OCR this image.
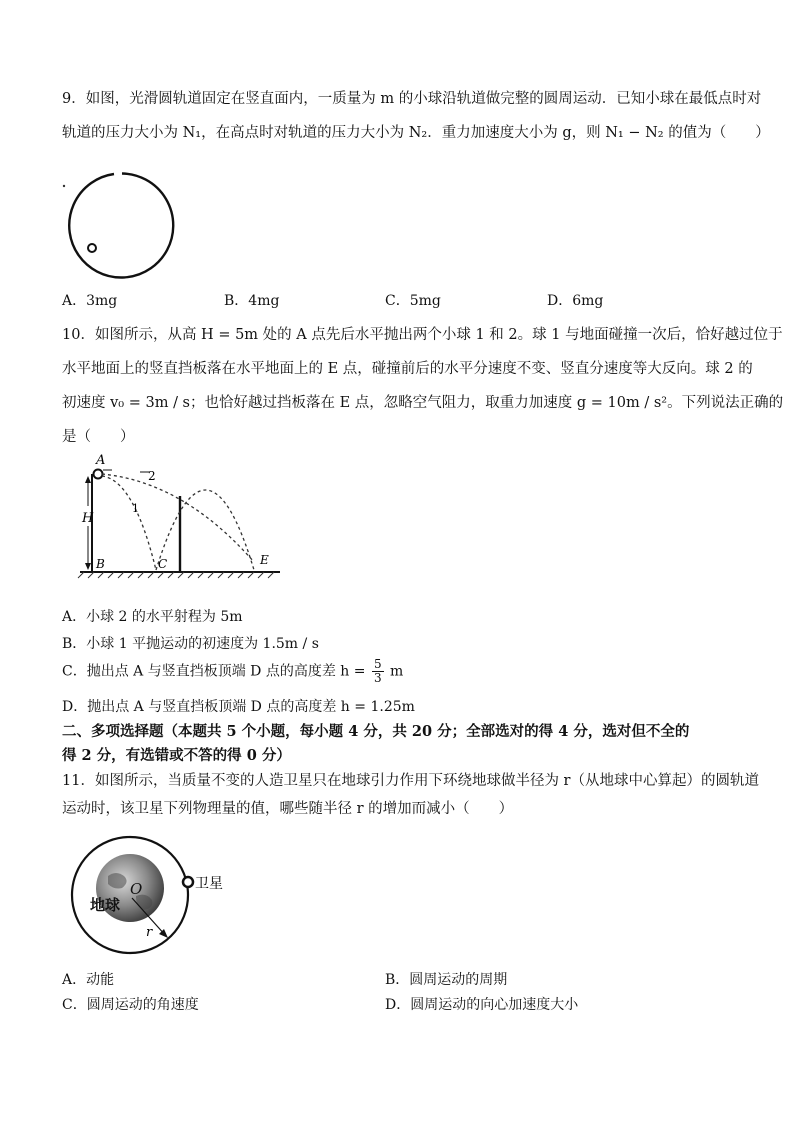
9．如图，光滑圆轨道固定在竖直面内，一质量为 m 的小球沿轨道做完整的圆周运动．已知小球在最低点时对
轨道的压力大小为 N₁，在高点时对轨道的压力大小为 N₂．重力加速度大小为 g，则 N₁ − N₂ 的值为（　　）
A．3mg	B．4mg	C．5mg	D．6mg
10．如图所示，从高 H = 5m 处的 A 点先后水平抛出两个小球 1 和 2。球 1 与地面碰撞一次后，恰好越过位于
水平地面上的竖直挡板落在水平地面上的 E 点，碰撞前后的水平分速度不变、竖直分速度等大反向。球 2 的
初速度 v₀ = 3m / s；也恰好越过挡板落在 E 点，忽略空气阻力，取重力加速度 g = 10m / s²。下列说法正确的
是（　　）
H
A
2
1
B	C	E
A．小球 2 的水平射程为 5m
B．小球 1 平抛运动的初速度为 1.5m / s
C．抛出点 A 与竖直挡板顶端 D 点的高度差 $h = \frac{5}{3}$ m
D．抛出点 A 与竖直挡板顶端 D 点的高度差 h = 1.25m
二、多项选择题（本题共 5 个小题，每小题 4 分，共 20 分；全部选对的得 4 分，选对但不全的
得 2 分，有选错或不答的得 0 分）
11．如图所示，当质量不变的人造卫星只在地球引力作用下环绕地球做半径为 r（从地球中心算起）的圆轨道
运动时，该卫星下列物理量的值，哪些随半径 r 的增加而减小（　　）
O
地球
r
卫星
A．动能	B．圆周运动的周期
C．圆周运动的角速度	D．圆周运动的向心加速度大小
